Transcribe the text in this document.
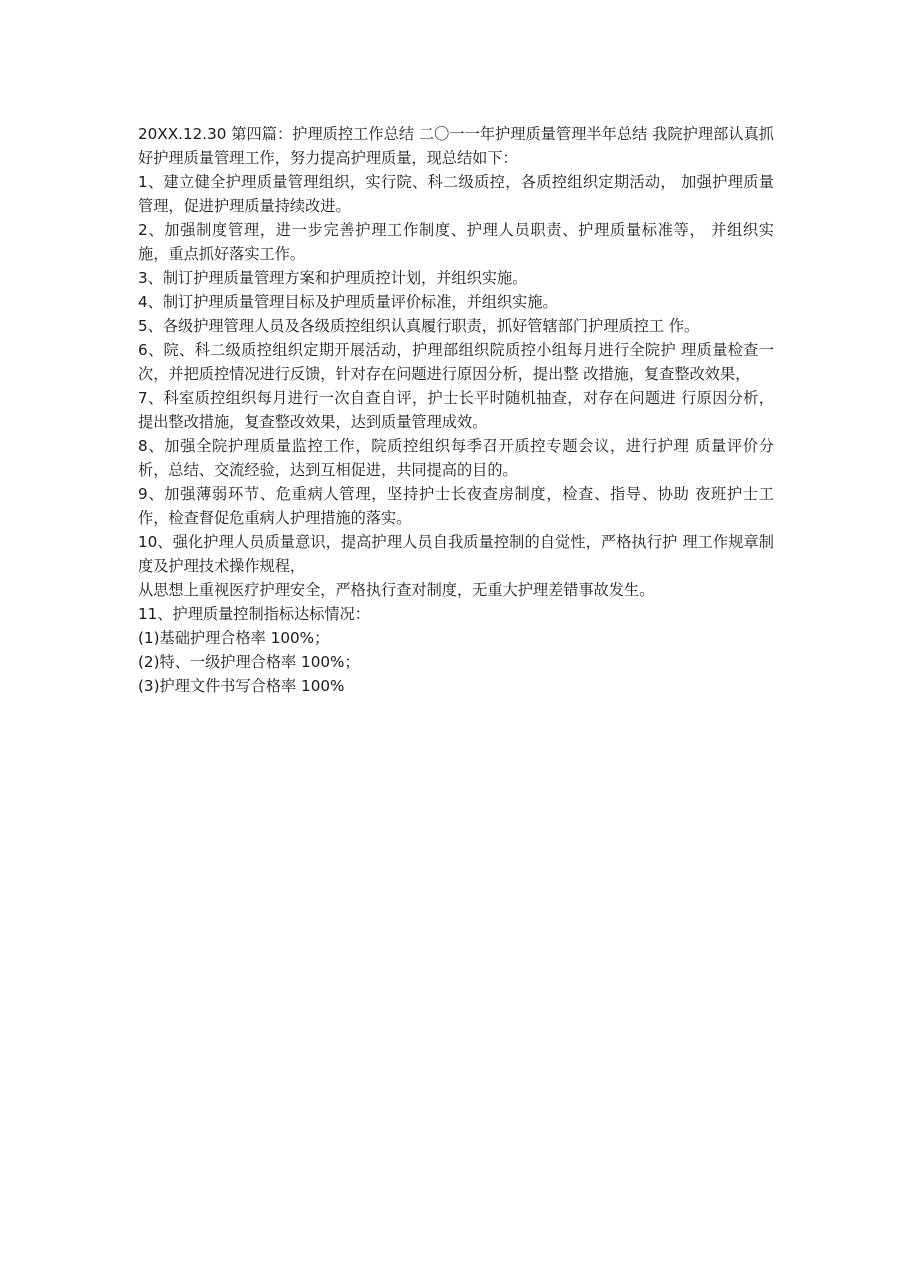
20XX.12.30 第四篇：护理质控工作总结 二〇一一年护理质量管理半年总结 我院护理部认真抓好护理质量管理工作，努力提高护理质量，现总结如下：

1、建立健全护理质量管理组织，实行院、科二级质控，各质控组织定期活动， 加强护理质量管理，促进护理质量持续改进。

2、加强制度管理，进一步完善护理工作制度、护理人员职责、护理质量标准等， 并组织实施，重点抓好落实工作。

3、制订护理质量管理方案和护理质控计划，并组织实施。

4、制订护理质量管理目标及护理质量评价标准，并组织实施。

5、各级护理管理人员及各级质控组织认真履行职责，抓好管辖部门护理质控工 作。

6、院、科二级质控组织定期开展活动，护理部组织院质控小组每月进行全院护 理质量检查一次，并把质控情况进行反馈，针对存在问题进行原因分析，提出整 改措施，复查整改效果，

7、科室质控组织每月进行一次自查自评，护士长平时随机抽查，对存在问题进 行原因分析，提出整改措施，复查整改效果，达到质量管理成效。

8、加强全院护理质量监控工作，院质控组织每季召开质控专题会议，进行护理 质量评价分析，总结、交流经验，达到互相促进，共同提高的目的。

9、加强薄弱环节、危重病人管理，坚持护士长夜查房制度，检查、指导、协助 夜班护士工作，检查督促危重病人护理措施的落实。

10、强化护理人员质量意识，提高护理人员自我质量控制的自觉性，严格执行护 理工作规章制度及护理技术操作规程，

从思想上重视医疗护理安全，严格执行查对制度，无重大护理差错事故发生。

11、护理质量控制指标达标情况：

(1)基础护理合格率 100%；

(2)特、一级护理合格率 100%；

(3)护理文件书写合格率 100%
